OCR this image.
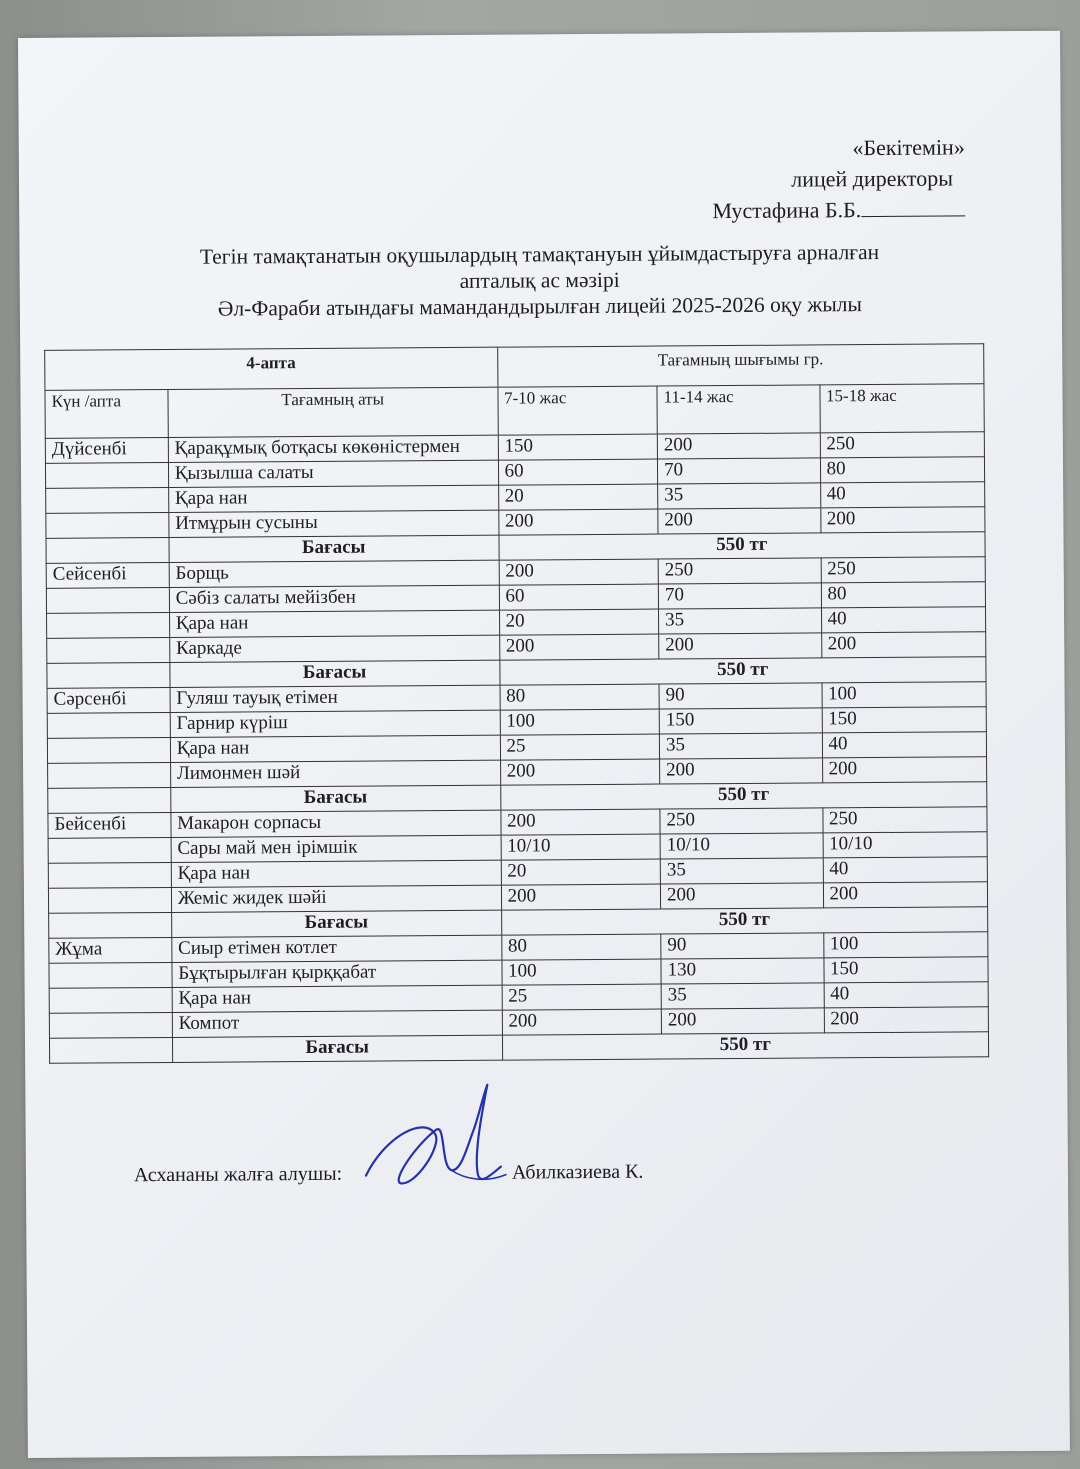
«Бекітемін»
лицей директоры
Мустафина Б.Б.
Тегін тамақтанатын оқушылардың тамақтануын ұйымдастыруға арналған
апталық ас мәзірі
Әл-Фараби атындағы мамандандырылған лицейі 2025-2026 оқу жылы
4-апта		Тағамның шығымы гр.		
Күн /апта	Тағамның аты	7-10 жас	11-14 жас	15-18 жас
Дүйсенбі	Қарақұмық ботқасы көкөністермен	150	200	250
	Қызылша салаты	60	70	80
	Қара нан	20	35	40
	Итмұрын сусыны	200	200	200
	Бағасы	550 тг		
Сейсенбі	Борщь	200	250	250
	Сәбіз салаты мейізбен	60	70	80
	Қара нан	20	35	40
	Каркаде	200	200	200
	Бағасы	550 тг		
Сәрсенбі	Гуляш тауық етімен	80	90	100
	Гарнир күріш	100	150	150
	Қара нан	25	35	40
	Лимонмен шәй	200	200	200
	Бағасы	550 тг		
Бейсенбі	Макарон сорпасы	200	250	250
	Сары май мен ірімшік	10/10	10/10	10/10
	Қара нан	20	35	40
	Жеміс жидек шәйі	200	200	200
	Бағасы	550 тг		
Жұма	Сиыр етімен котлет	80	90	100
	Бұқтырылған қырққабат	100	130	150
	Қара нан	25	35	40
	Компот	200	200	200
	Бағасы	550 тг		
Асхананы жалға алушы:	Абилказиева К.
